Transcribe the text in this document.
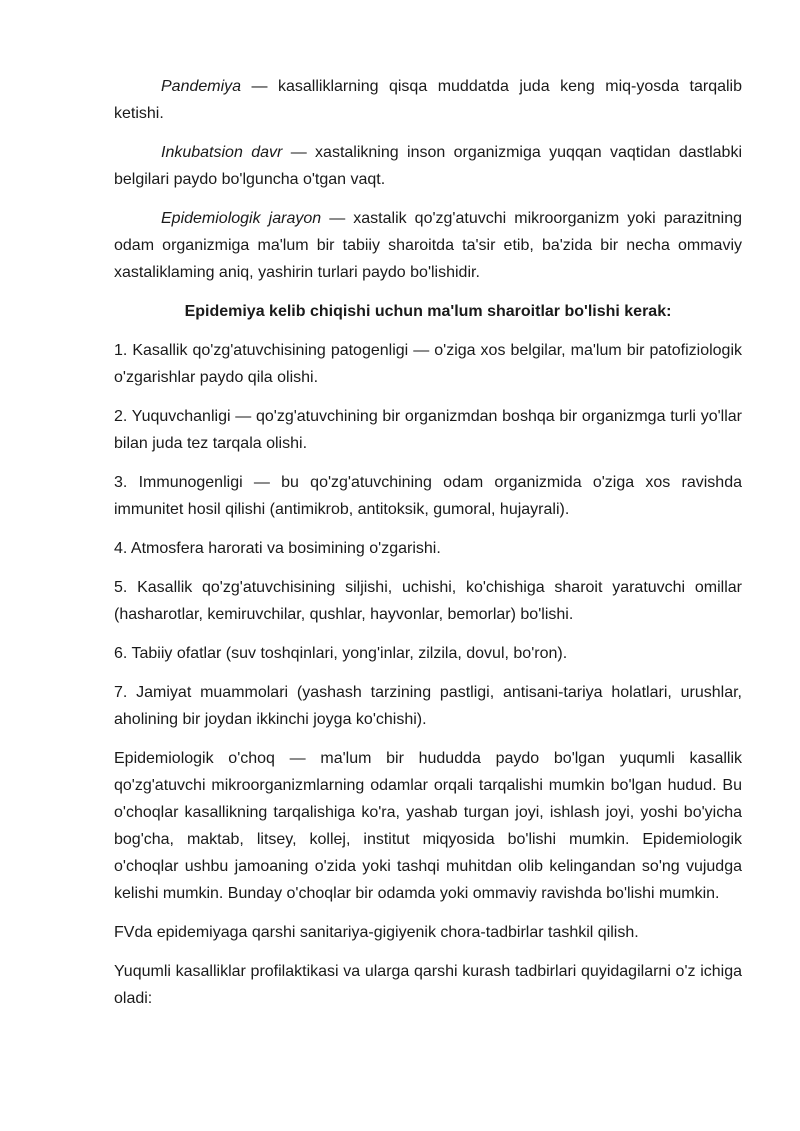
Pandemiya — kasalliklarning qisqa muddatda juda keng miq-yosda tarqalib ketishi.

Inkubatsion davr — xastalikning inson organizmiga yuqqan vaqtidan dastlabki belgilari paydo bo'lguncha o'tgan vaqt.

Epidemiologik jarayon — xastalik qo'zg'atuvchi mikroorganizm yoki parazitning odam organizmiga ma'lum bir tabiiy sharoitda ta'sir etib, ba'zida bir necha ommaviy xastaliklaming aniq, yashirin turlari paydo bo'lishidir.

Epidemiya kelib chiqishi uchun ma'lum sharoitlar bo'lishi kerak:

1. Kasallik qo'zg'atuvchisining patogenligi — o'ziga xos belgilar, ma'lum bir patofiziologik o'zgarishlar paydo qila olishi.

2. Yuquvchanligi — qo'zg'atuvchining bir organizmdan boshqa bir organizmga turli yo'llar bilan juda tez tarqala olishi.

3. Immunogenligi — bu qo'zg'atuvchining odam organizmida o'ziga xos ravishda immunitet hosil qilishi (antimikrob, antitoksik, gumoral, hujayrali).

4. Atmosfera harorati va bosimining o'zgarishi.

5. Kasallik qo'zg'atuvchisining siljishi, uchishi, ko'chishiga sharoit yaratuvchi omillar (hasharotlar, kemiruvchilar, qushlar, hayvonlar, bemorlar) bo'lishi.

6. Tabiiy ofatlar (suv toshqinlari, yong'inlar, zilzila, dovul, bo'ron).

7. Jamiyat muammolari (yashash tarzining pastligi, antisani-tariya holatlari, urushlar, aholining bir joydan ikkinchi joyga ko'chishi).

Epidemiologik o'choq — ma'lum bir hududda paydo bo'lgan yuqumli kasallik qo'zg'atuvchi mikroorganizmlarning odamlar orqali tarqalishi mumkin bo'lgan hudud. Bu o'choqlar kasallikning tarqalishiga ko'ra, yashab turgan joyi, ishlash joyi, yoshi bo'yicha bog'cha, maktab, litsey, kollej, institut miqyosida bo'lishi mumkin. Epidemiologik o'choqlar ushbu jamoaning o'zida yoki tashqi muhitdan olib kelingandan so'ng vujudga kelishi mumkin. Bunday o'choqlar bir odamda yoki ommaviy ravishda bo'lishi mumkin.

FVda epidemiyaga qarshi sanitariya-gigiyenik chora-tadbirlar tashkil qilish.

Yuqumli kasalliklar profilaktikasi va ularga qarshi kurash tadbirlari quyidagilarni o'z ichiga oladi:
